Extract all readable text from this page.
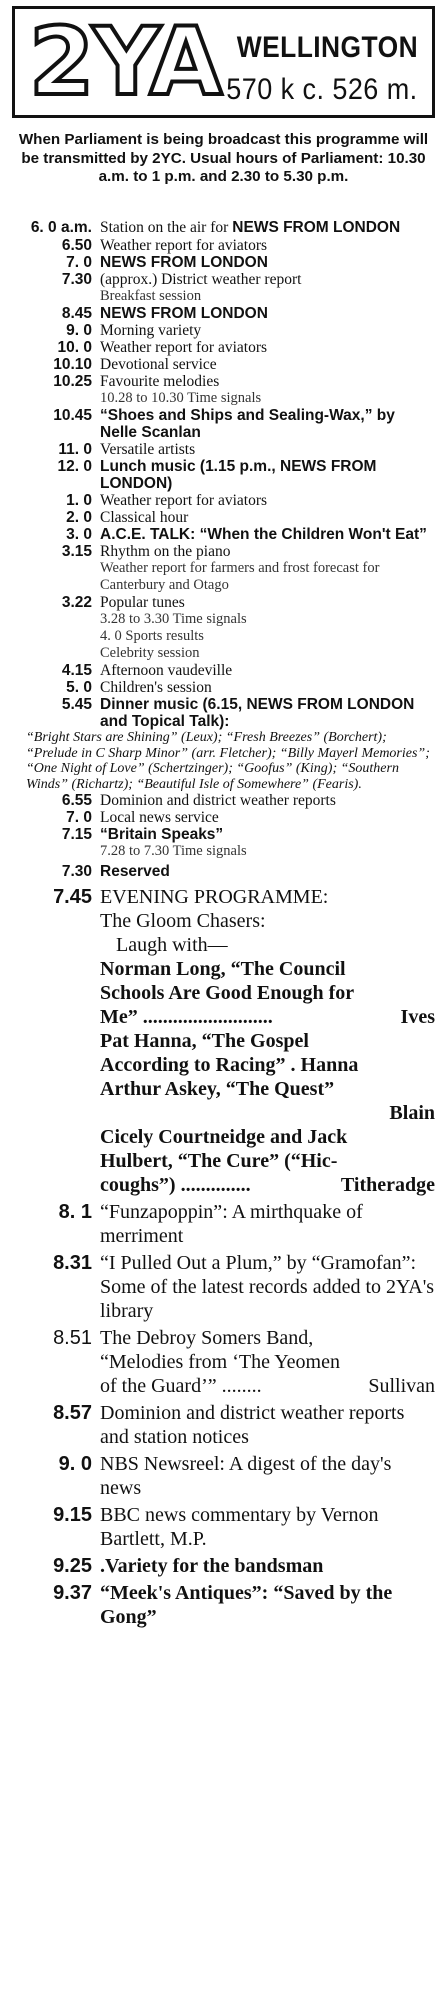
2YA WELLINGTON
570 k c. 526 m.
When Parliament is being broadcast this programme will be transmitted by 2YC. Usual hours of Parliament: 10.30 a.m. to 1 p.m. and 2.30 to 5.30 p.m.
6. 0 a.m. Station on the air for NEWS FROM LONDON
6.50 Weather report for aviators
7. 0 NEWS FROM LONDON
7.30 (approx.) District weather report
Breakfast session
8.45 NEWS FROM LONDON
9. 0 Morning variety
10. 0 Weather report for aviators
10.10 Devotional service
10.25 Favourite melodies
10.28 to 10.30 Time signals
10.45 “Shoes and Ships and Sealing-Wax,” by Nelle Scanlan
11. 0 Versatile artists
12. 0 Lunch music (1.15 p.m., NEWS FROM LONDON)
1. 0 Weather report for aviators
2. 0 Classical hour
3. 0 A.C.E. TALK: “When the Children Won't Eat”
3.15 Rhythm on the piano
Weather report for farmers and frost forecast for Canterbury and Otago
3.22 Popular tunes
3.28 to 3.30 Time signals
4. 0 Sports results
Celebrity session
4.15 Afternoon vaudeville
5. 0 Children's session
5.45 Dinner music (6.15, NEWS FROM LONDON and Topical Talk):
“Bright Stars are Shining” (Leux); “Fresh Breezes” (Borchert); “Prelude in C Sharp Minor” (arr. Fletcher); “Billy Mayerl Memories”; “One Night of Love” (Schertzinger); “Goofus” (King); “Southern Winds” (Richartz); “Beautiful Isle of Somewhere” (Fearis).
6.55 Dominion and district weather reports
7. 0 Local news service
7.15 “Britain Speaks”
7.28 to 7.30 Time signals
7.30 Reserved
7.45 EVENING PROGRAMME:
The Gloom Chasers:
Laugh with—
Norman Long, “The Council
Schools Are Good Enough for
Me” ..........................	Ives
Pat Hanna, “The Gospel
According to Racing” . Hanna
Arthur Askey, “The Quest”
Blain
Cicely Courtneidge and Jack
Hulbert, “The Cure” (“Hic-
coughs”) ..............	Titheradge
8. 1 “Funzapoppin”: A mirthquake of merriment
8.31 “I Pulled Out a Plum,” by “Gramofan”: Some of the latest records added to 2YA's library
8.51 The Debroy Somers Band,
“Melodies from ‘The Yeomen
of the Guard’” ........	Sullivan
8.57 Dominion and district weather reports and station notices
9. 0 NBS Newsreel: A digest of the day's news
9.15 BBC news commentary by Vernon Bartlett, M.P.
9.25 .Variety for the bandsman
9.37 “Meek's Antiques”: “Saved by the Gong”
